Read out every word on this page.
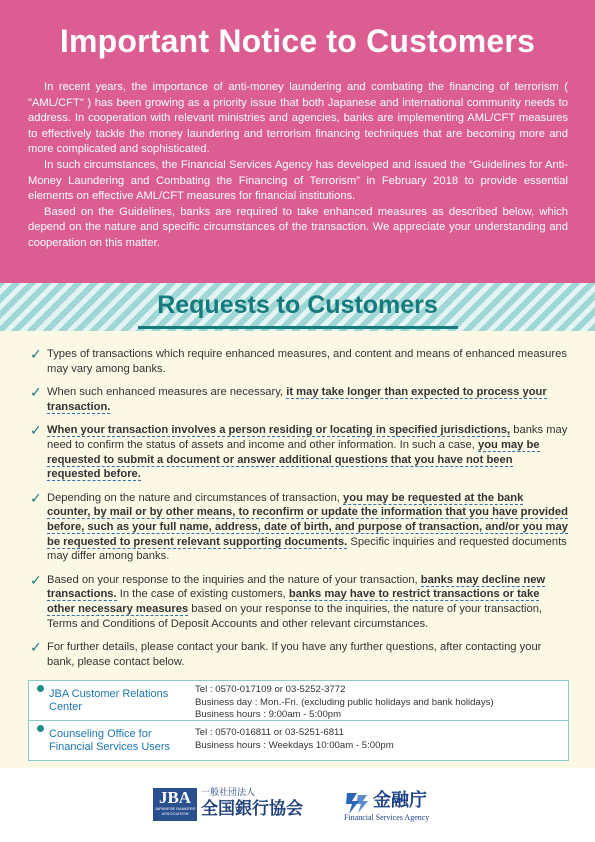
Important Notice to Customers

In recent years, the importance of anti-money laundering and combating the financing of terrorism ( "AML/CFT" ) has been growing as a priority issue that both Japanese and international community needs to address. In cooperation with relevant ministries and agencies, banks are implementing AML/CFT measures to effectively tackle the money laundering and terrorism financing techniques that are becoming more and more complicated and sophisticated.

In such circumstances, the Financial Services Agency has developed and issued the “Guidelines for Anti-Money Laundering and Combating the Financing of Terrorism” in February 2018 to provide essential elements on effective AML/CFT measures for financial institutions.

Based on the Guidelines, banks are required to take enhanced measures as described below, which depend on the nature and specific circumstances of the transaction. We appreciate your understanding and cooperation on this matter.

Requests to Customers
✓ Types of transactions which require enhanced measures, and content and means of enhanced measures may vary among banks.
✓ When such enhanced measures are necessary, it may take longer than expected to process your transaction.
✓ When your transaction involves a person residing or locating in specified jurisdictions, banks may need to confirm the status of assets and income and other information. In such a case, you may be requested to submit a document or answer additional questions that you have not been requested before.
✓ Depending on the nature and circumstances of transaction, you may be requested at the bank counter, by mail or by other means, to reconfirm or update the information that you have provided before, such as your full name, address, date of birth, and purpose of transaction, and/or you may be requested to present relevant supporting documents. Specific inquiries and requested documents may differ among banks.
✓ Based on your response to the inquiries and the nature of your transaction, banks may decline new transactions. In the case of existing customers, banks may have to restrict transactions or take other necessary measures based on your response to the inquiries, the nature of your transaction, Terms and Conditions of Deposit Accounts and other relevant circumstances.
✓ For further details, please contact your bank. If you have any further questions, after contacting your bank, please contact below.
JBA Customer Relations Center
Tel : 0570-017109 or 03-5252-3772
Business day : Mon.-Fri. (excluding public holidays and bank holidays)
Business hours : 9:00am - 5:00pm
Counseling Office for Financial Services Users
Tel : 0570-016811 or 03-5251-6811
Business hours : Weekdays 10:00am - 5:00pm
JBA
JAPANESE BANKERS ASSOCIATION
一般社団法人
全国銀行協会	金融庁
Financial Services Agency
